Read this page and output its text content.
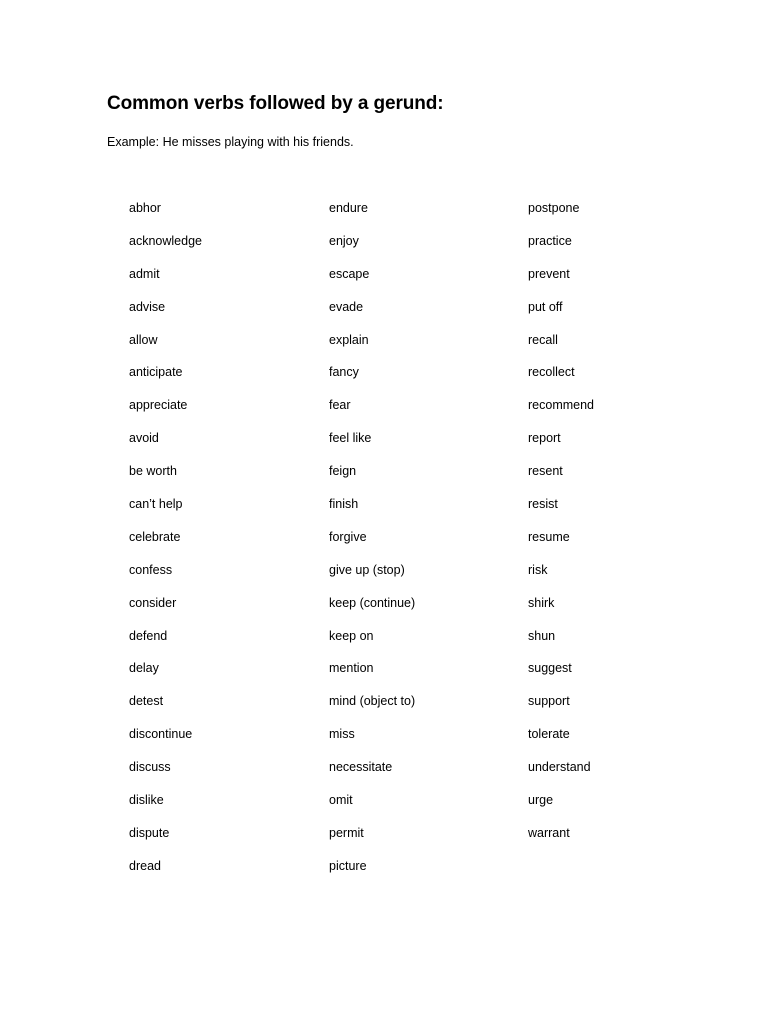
Common verbs followed by a gerund:

Example: He misses playing with his friends.

abhor
acknowledge
admit
advise
allow
anticipate
appreciate
avoid
be worth
can’t help
celebrate
confess
consider
defend
delay
detest
discontinue
discuss
dislike
dispute
dread
endure
enjoy
escape
evade
explain
fancy
fear
feel like
feign
finish
forgive
give up (stop)
keep (continue)
keep on
mention
mind (object to)
miss
necessitate
omit
permit
picture
postpone
practice
prevent
put off
recall
recollect
recommend
report
resent
resist
resume
risk
shirk
shun
suggest
support
tolerate
understand
urge
warrant
